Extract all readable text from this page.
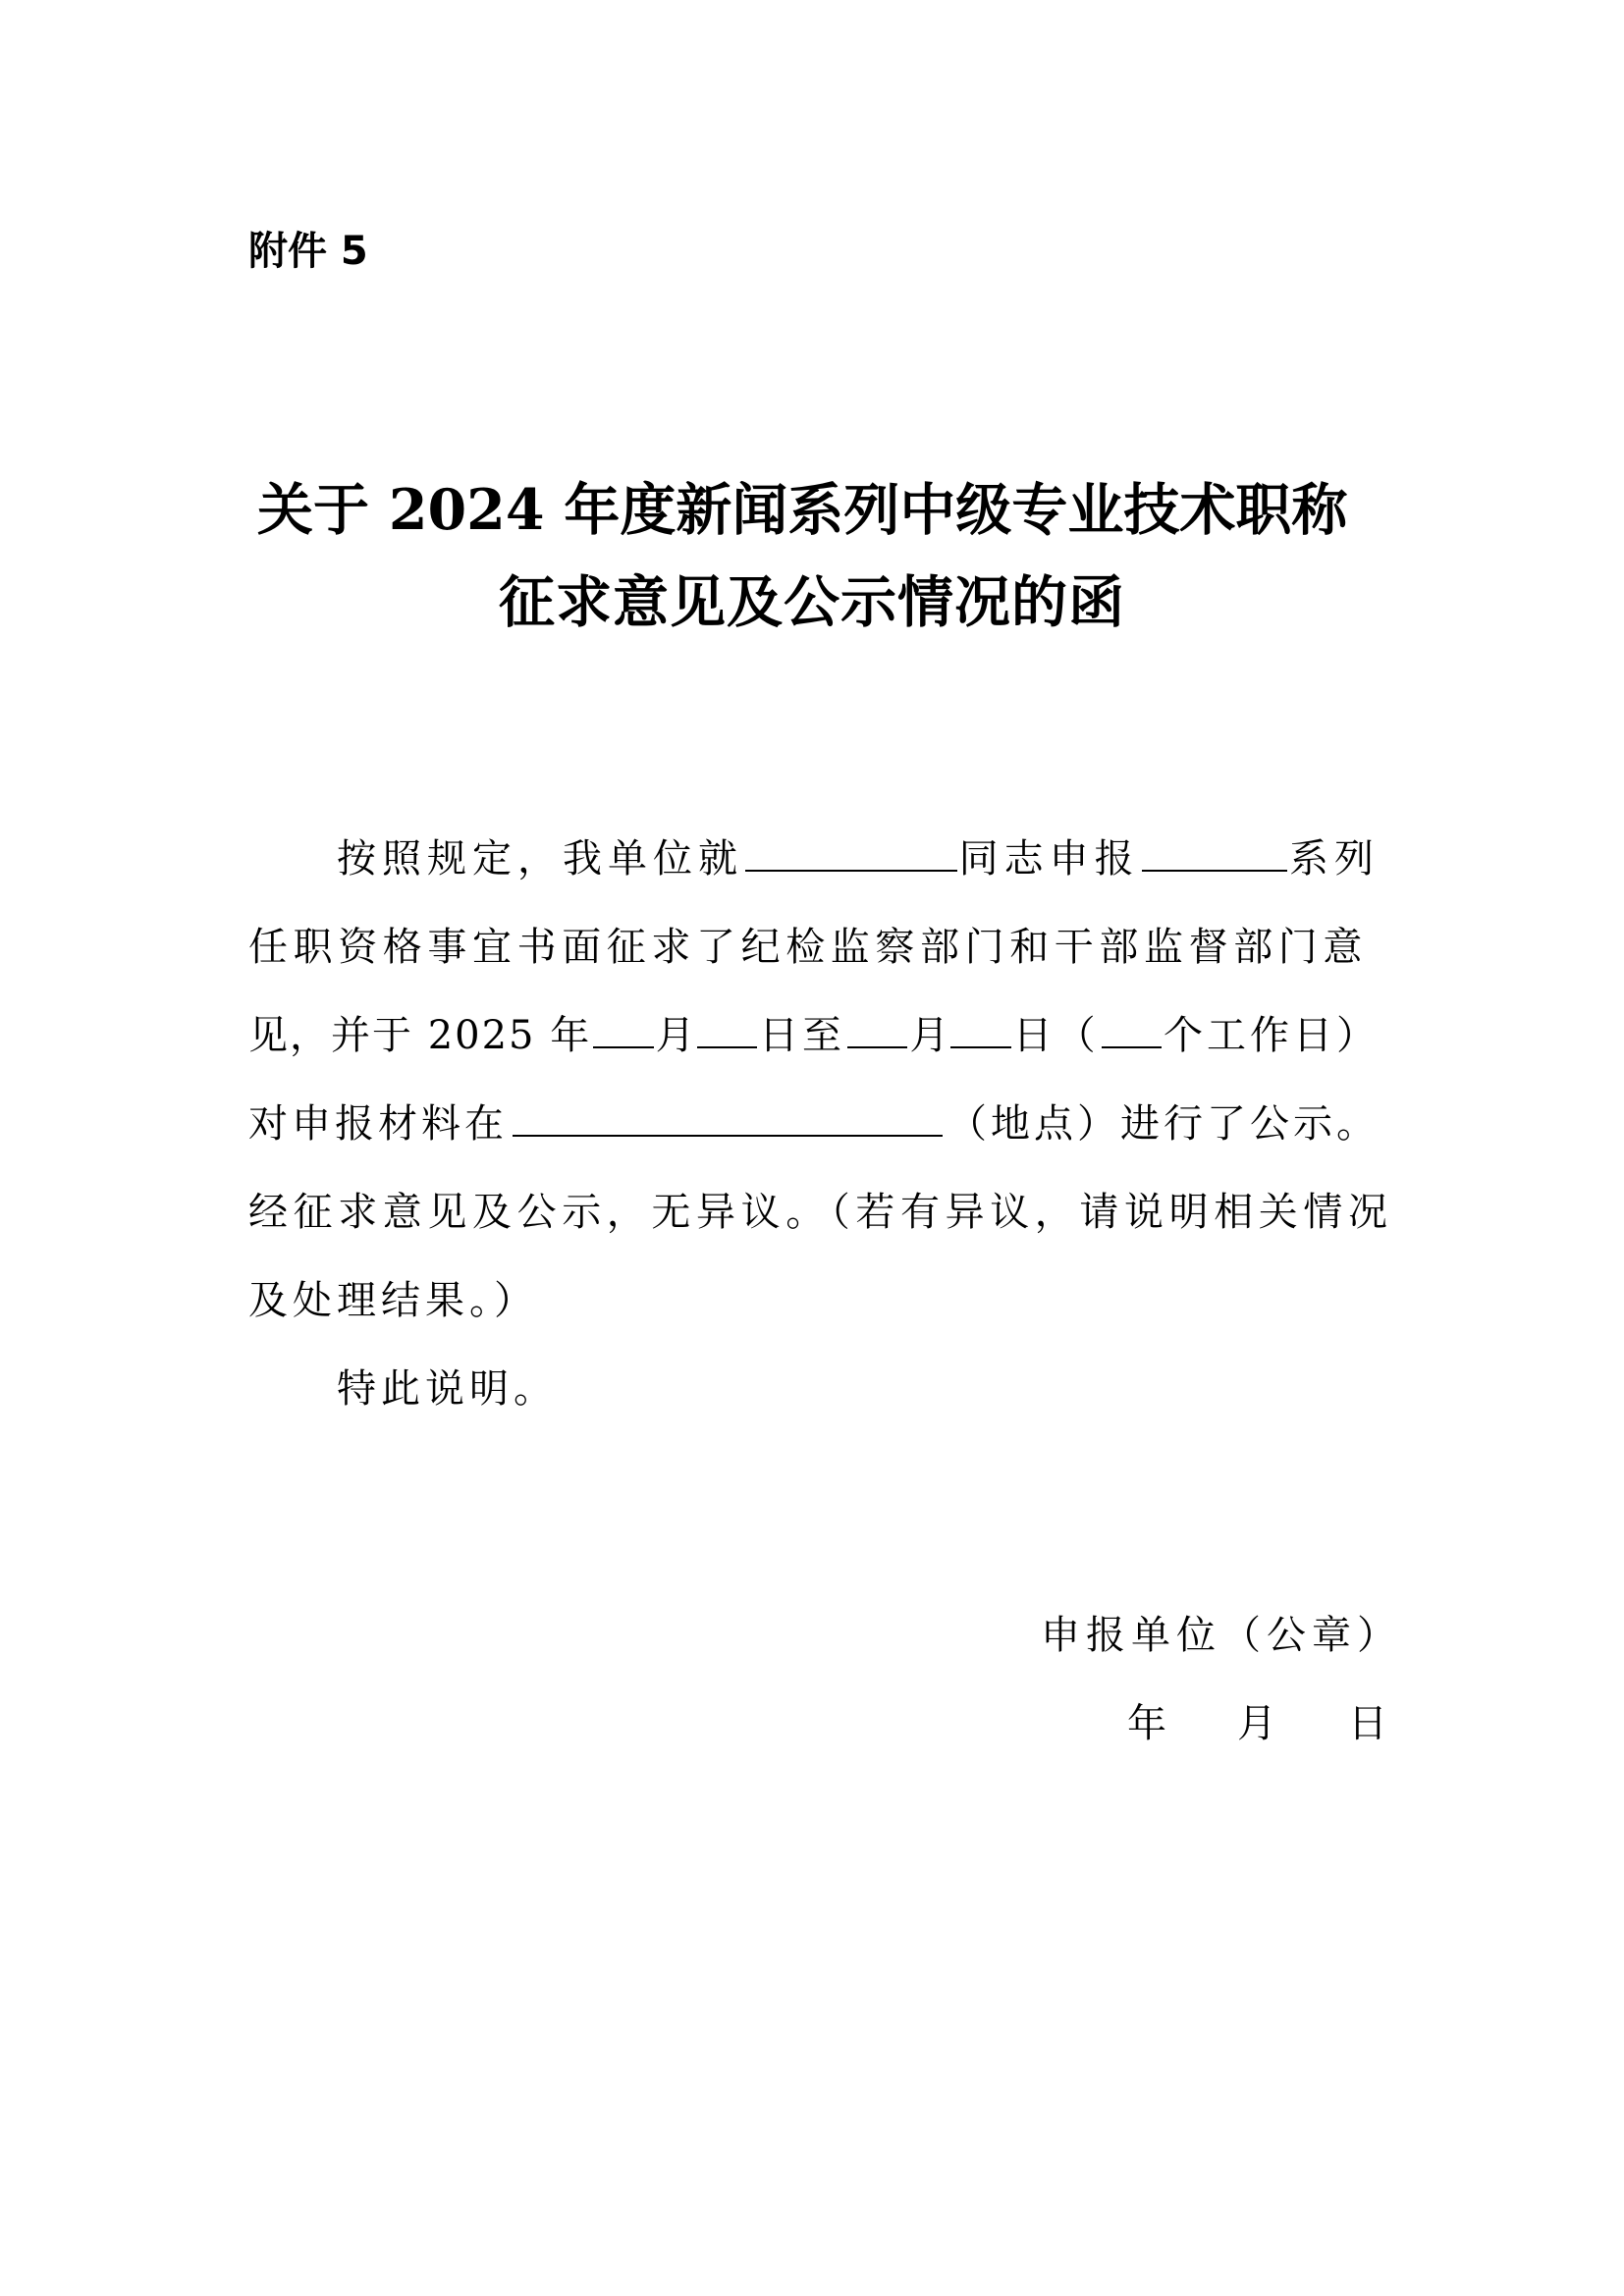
附件 5
关于 2024 年度新闻系列中级专业技术职称
征求意见及公示情况的函
按照规定，我单位就	同志申报	系列
任职资格事宜书面征求了纪检监察部门和干部监督部门意
见，并于 2025 年 月 日至 月 日（ 个工作日）
对申报材料在	（地点）进行了公示。
经征求意见及公示，无异议。（若有异议，请说明相关情况
及处理结果。）
特此说明。
申报单位（公章）
年 月 日
